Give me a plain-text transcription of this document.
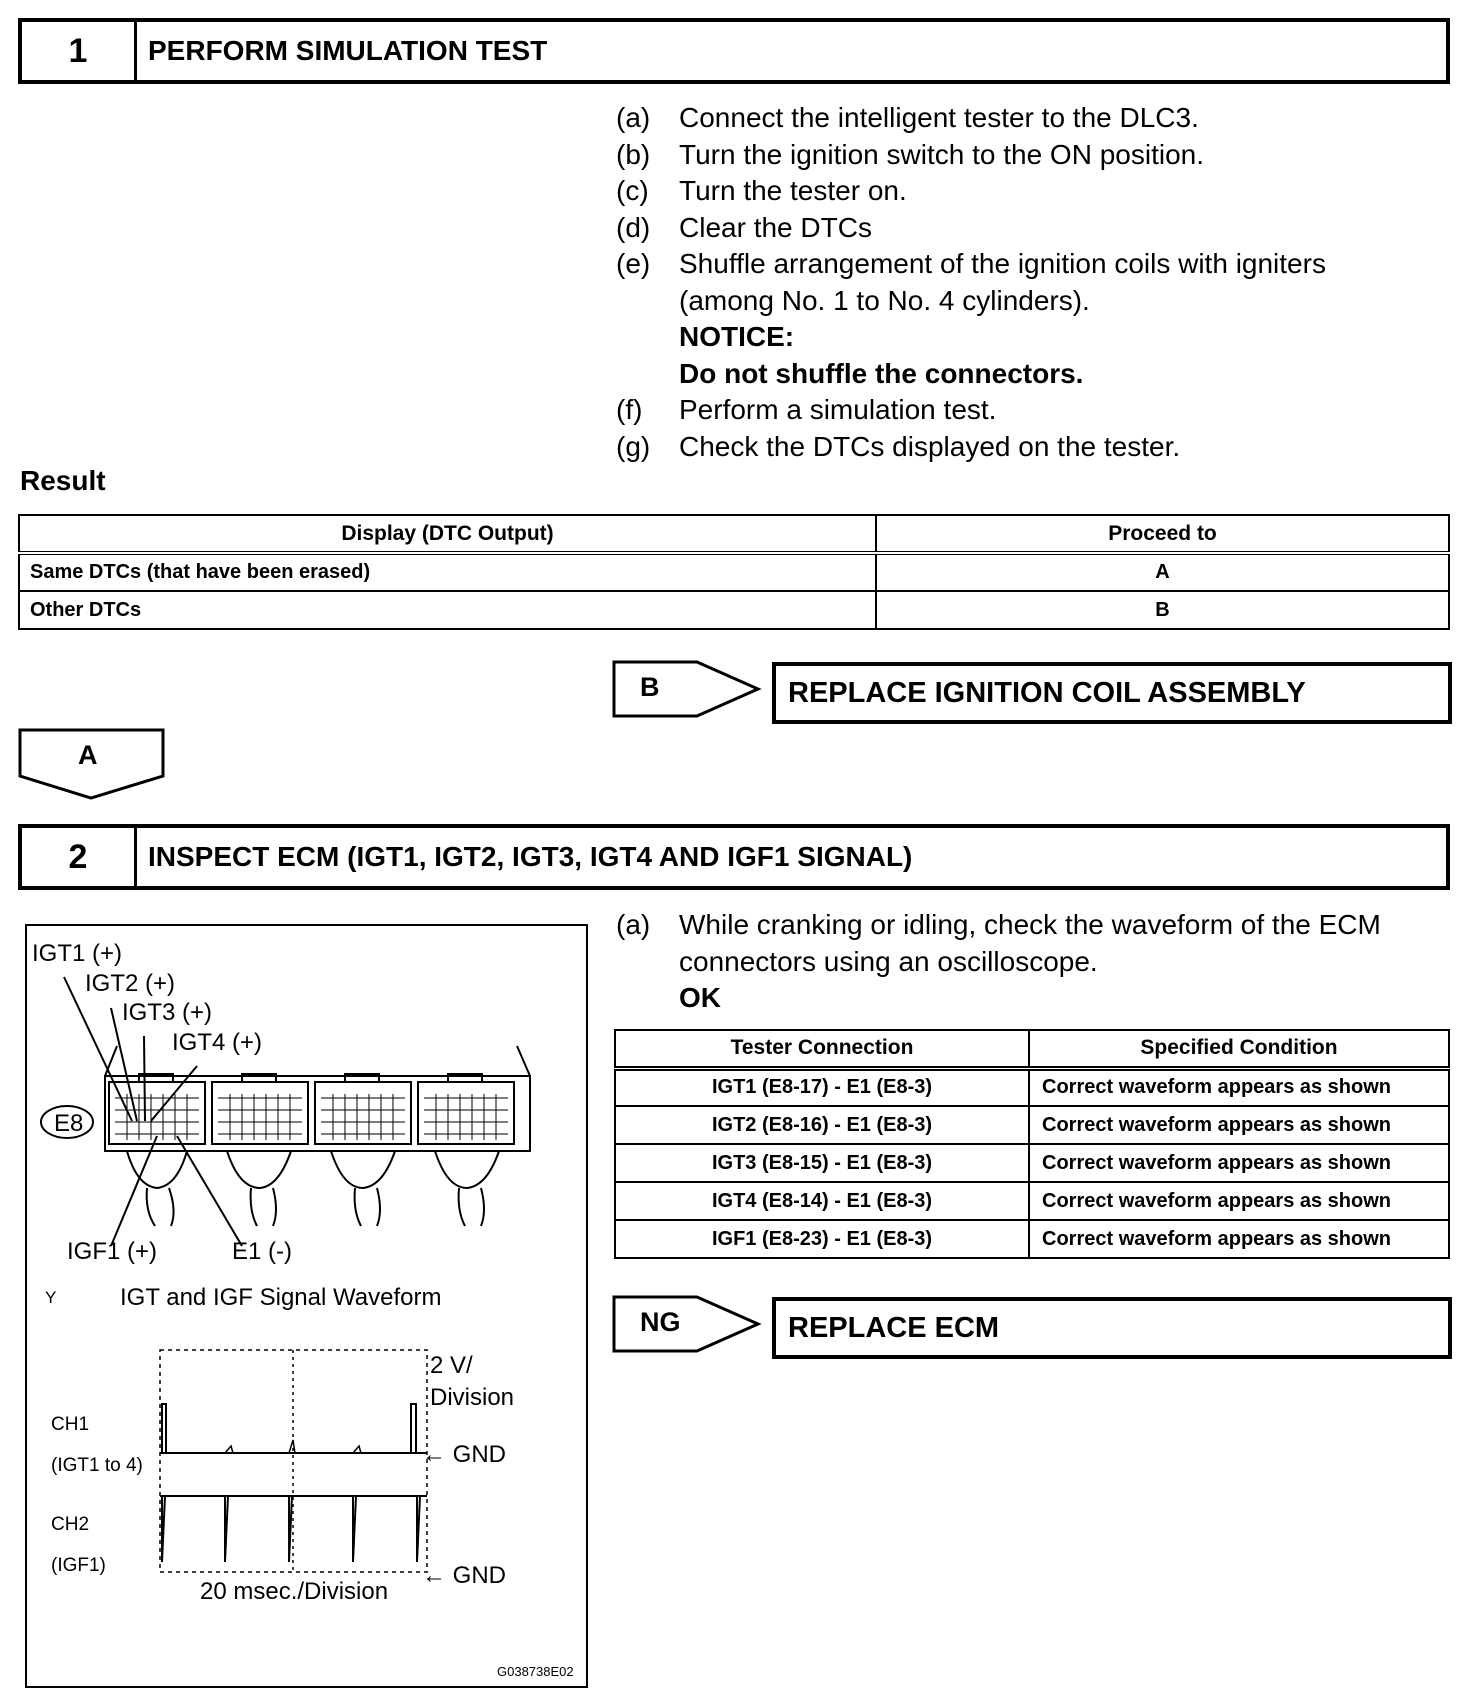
1	PERFORM SIMULATION TEST
(a)	Connect the intelligent tester to the DLC3.
(b)	Turn the ignition switch to the ON position.
(c)	Turn the tester on.
(d)	Clear the DTCs
(e)	Shuffle arrangement of the ignition coils with igniters
(among No. 1 to No. 4 cylinders).
NOTICE:
Do not shuffle the connectors.
(f)	Perform a simulation test.
(g)	Check the DTCs displayed on the tester.
Result
Display (DTC Output)	Proceed to
Same DTCs (that have been erased)	A
Other DTCs	B
B	REPLACE IGNITION COIL ASSEMBLY
A
2	INSPECT ECM (IGT1, IGT2, IGT3, IGT4 AND IGF1 SIGNAL)
(a)	While cranking or idling, check the waveform of the ECM
connectors using an oscilloscope.
OK
Tester Connection	Specified Condition
IGT1 (E8-17) - E1 (E8-3)	Correct waveform appears as shown
IGT2 (E8-16) - E1 (E8-3)	Correct waveform appears as shown
IGT3 (E8-15) - E1 (E8-3)	Correct waveform appears as shown
IGT4 (E8-14) - E1 (E8-3)	Correct waveform appears as shown
IGF1 (E8-23) - E1 (E8-3)	Correct waveform appears as shown
NG	REPLACE ECM
IGT1 (+)
IGT2 (+)
IGT3 (+)
IGT4 (+)
E8
IGF1 (+)	E1 (-)
Y	IGT and IGF Signal Waveform
2 V/
Division
CH1
(IGT1 to 4)	← GND
CH2
(IGF1)	← GND
20 msec./Division
G038738E02
